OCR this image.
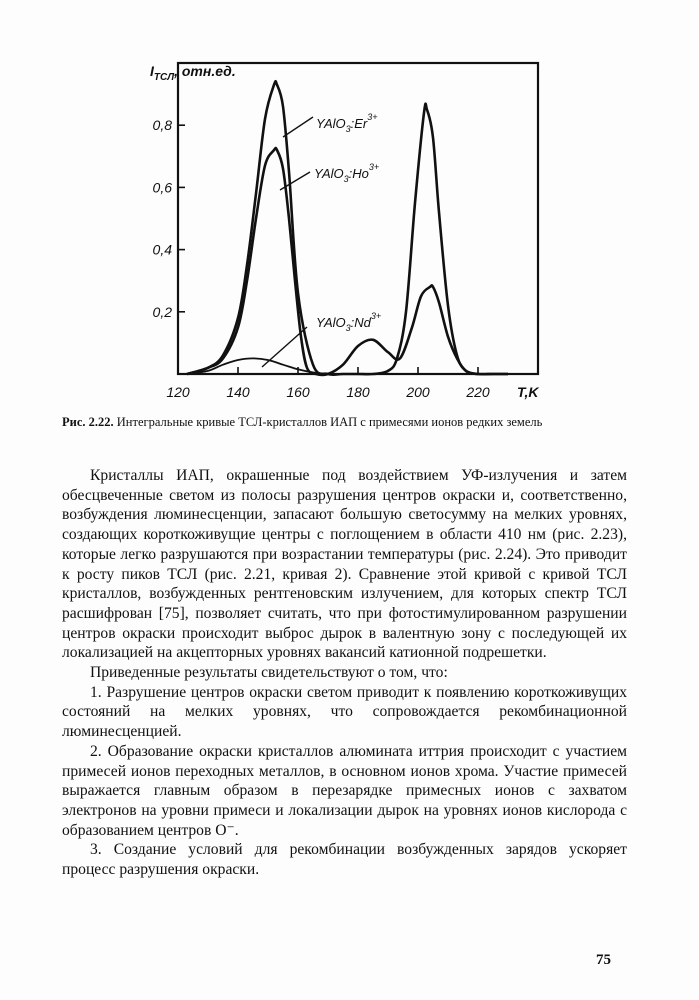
$I_{ТСЛ}$, отн.ед.
0,2
0,4
0,6
0,8
120	140	160	180	200	220
$YAlO_3:Er^{3+}$
$YAlO_3:Ho^{3+}$
$YAlO_3:Nd^{3+}$
T,K
Рис. 2.22. Интегральные кривые ТСЛ-кристаллов ИАП с примесями ионов редких земель

Кристаллы ИАП, окрашенные под воздействием УФ-излучения и затем обесцвеченные светом из полосы разрушения центров окраски и, соответственно, возбуждения люминесценции, запасают большую светосумму на мелких уровнях, создающих короткоживущие центры с поглощением в области 410 нм (рис. 2.23), которые легко разрушаются при возрастании температуры (рис. 2.24). Это приводит к росту пиков ТСЛ (рис. 2.21, кривая 2). Сравнение этой кривой с кривой ТСЛ кристаллов, возбужденных рентгеновским излучением, для которых спектр ТСЛ расшифрован [75], позволяет считать, что при фотостимулированном разрушении центров окраски происходит выброс дырок в валентную зону с последующей их локализацией на акцепторных уровнях вакансий катионной подрешетки.

Приведенные результаты свидетельствуют о том, что:

1. Разрушение центров окраски светом приводит к появлению короткоживущих состояний на мелких уровнях, что сопровождается рекомбинационной люминесценцией.

2. Образование окраски кристаллов алюмината иттрия происходит с участием примесей ионов переходных металлов, в основном ионов хрома. Участие примесей выражается главным образом в перезарядке примесных ионов с захватом электронов на уровни примеси и локализации дырок на уровнях ионов кислорода с образованием центров O⁻.

3. Создание условий для рекомбинации возбужденных зарядов ускоряет процесс разрушения окраски.

75
